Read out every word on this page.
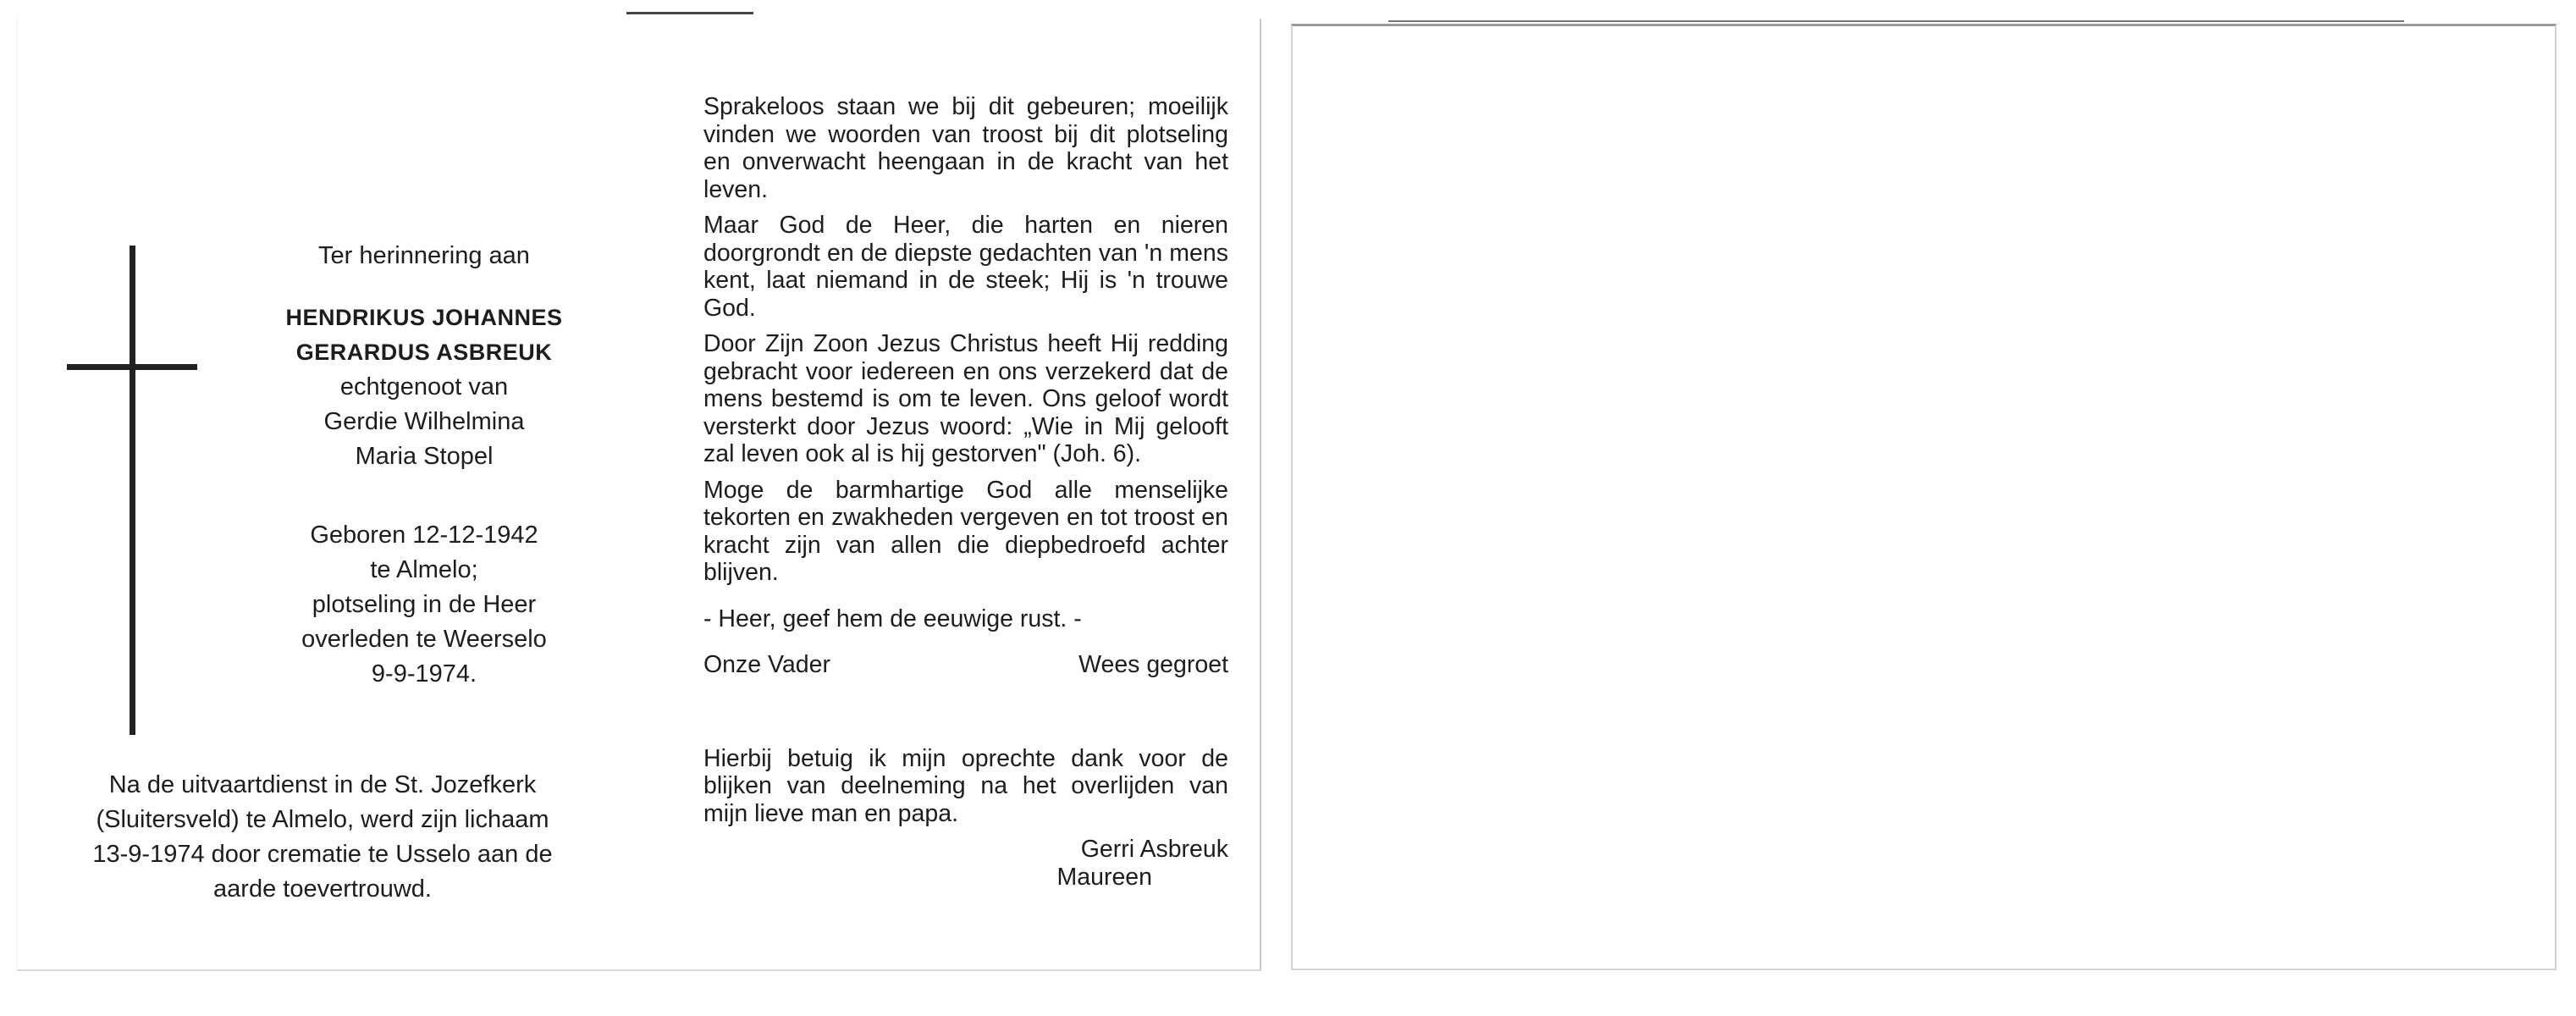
Ter herinnering aan
HENDRIKUS JOHANNES
GERARDUS ASBREUK
echtgenoot van
Gerdie Wilhelmina
Maria Stopel
Geboren 12-12-1942
te Almelo;
plotseling in de Heer
overleden te Weerselo
9-9-1974.
Na de uitvaartdienst in de St. Jozefkerk
(Sluitersveld) te Almelo, werd zijn lichaam
13-9-1974 door crematie te Usselo aan de
aarde toevertrouwd.

Sprakeloos staan we bij dit gebeuren; moeilijk vinden we woorden van troost bij dit plotseling en onverwacht heengaan in de kracht van het leven.

Maar God de Heer, die harten en nieren doorgrondt en de diepste gedachten van 'n mens kent, laat niemand in de steek; Hij is 'n trouwe God.

Door Zijn Zoon Jezus Christus heeft Hij redding gebracht voor iedereen en ons verzekerd dat de mens bestemd is om te leven. Ons geloof wordt versterkt door Jezus woord: „Wie in Mij gelooft zal leven ook al is hij gestorven" (Joh. 6).

Moge de barmhartige God alle menselijke tekorten en zwakheden vergeven en tot troost en kracht zijn van allen die diepbedroefd achter blijven.

- Heer, geef hem de eeuwige rust. -

Onze Vader	Wees gegroet

Hierbij betuig ik mijn oprechte dank voor de blijken van deelneming na het overlijden van mijn lieve man en papa.

Gerri Asbreuk
Maureen
